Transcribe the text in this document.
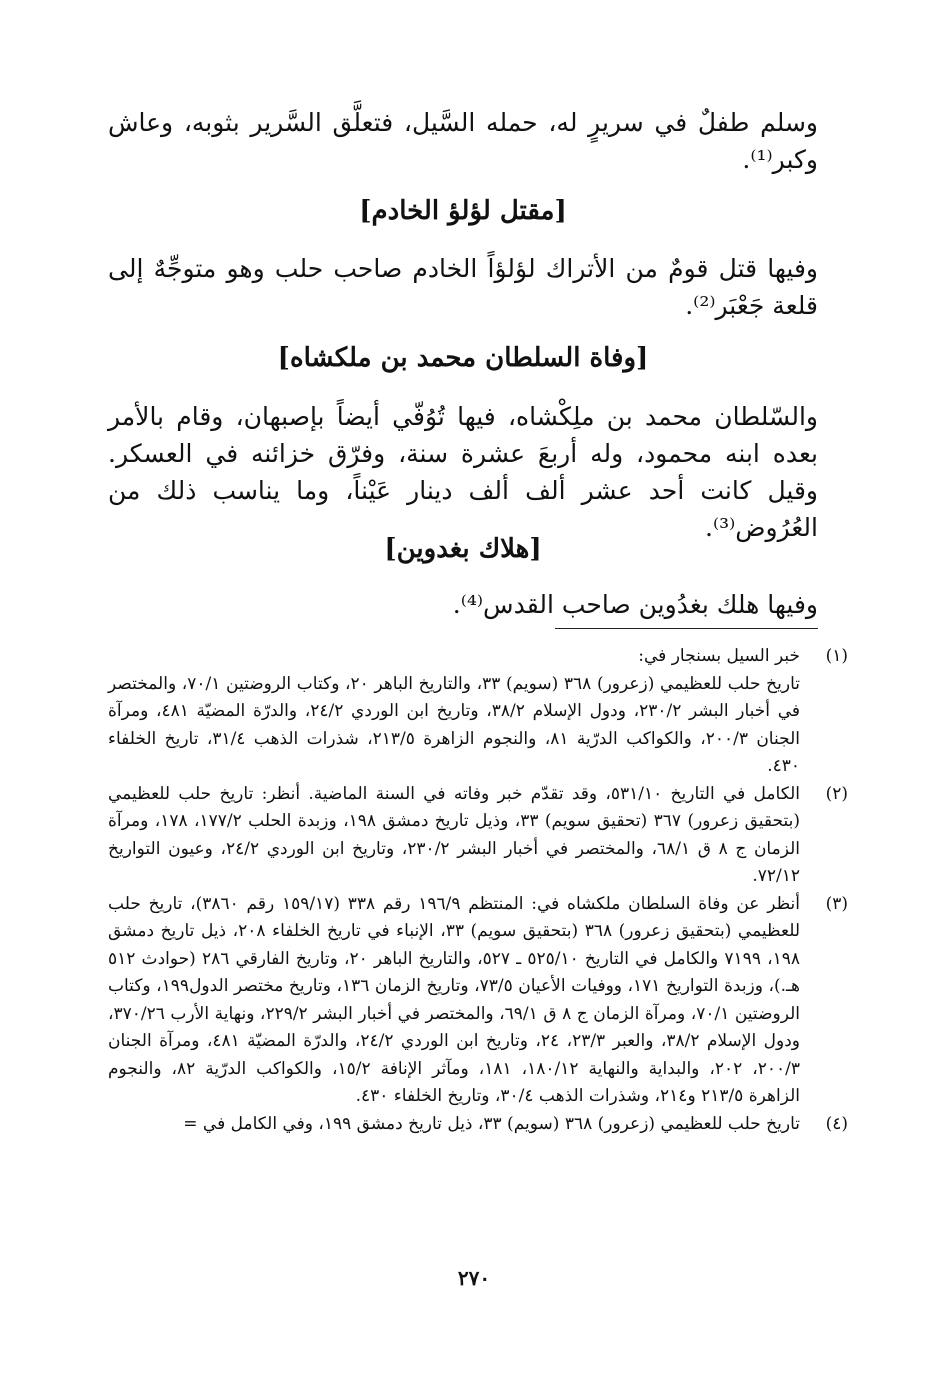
وسلم طفلٌ في سريرٍ له، حمله السَّيل، فتعلَّق السَّرير بثوبه، وعاش وكبر⁽¹⁾.

[مقتل لؤلؤ الخادم]

وفيها قتل قومٌ من الأتراك لؤلؤاً الخادم صاحب حلب وهو متوجِّهٌ إلى قلعة جَعْبَر⁽²⁾.

[وفاة السلطان محمد بن ملكشاه]

والسّلطان محمد بن ملِكْشاه، فيها تُوُفّي أيضاً بإصبهان، وقام بالأمر بعده ابنه محمود، وله أربعَ عشرة سنة، وفرّق خزائنه في العسكر. وقيل كانت أحد عشر ألف ألف دينار عَيْناً، وما يناسب ذلك من العُرُوض⁽³⁾.

[هلاك بغدوين]

وفيها هلك بغدُوين صاحب القدس⁽⁴⁾.

(١)
خبر السيل بسنجار في:
تاريخ حلب للعظيمي (زعرور) ٣٦٨ (سويم) ٣٣، والتاريخ الباهر ٢٠، وكتاب الروضتين ٧٠/١، والمختصر في أخبار البشر ٢٣٠/٢، ودول الإسلام ٣٨/٢، وتاريخ ابن الوردي ٢٤/٢، والدرّة المضيّة ٤٨١، ومرآة الجنان ٢٠٠/٣، والكواكب الدرّية ٨١، والنجوم الزاهرة ٢١٣/٥، شذرات الذهب ٣١/٤، تاريخ الخلفاء ٤٣٠.
(٢)
الكامل في التاريخ ٥٣١/١٠، وقد تقدّم خبر وفاته في السنة الماضية. أنظر: تاريخ حلب للعظيمي (بتحقيق زعرور) ٣٦٧ (تحقيق سويم) ٣٣، وذيل تاريخ دمشق ١٩٨، وزبدة الحلب ١٧٧/٢، ١٧٨، ومرآة الزمان ج ٨ ق ٦٨/١، والمختصر في أخبار البشر ٢٣٠/٢، وتاريخ ابن الوردي ٢٤/٢، وعيون التواريخ ٧٢/١٢.
(٣)
أنظر عن وفاة السلطان ملكشاه في: المنتظم ١٩٦/٩ رقم ٣٣٨ (١٥٩/١٧ رقم ٣٨٦٠)، تاريخ حلب للعظيمي (بتحقيق زعرور) ٣٦٨ (بتحقيق سويم) ٣٣، الإنباء في تاريخ الخلفاء ٢٠٨، ذيل تاريخ دمشق ١٩٨، ٧١٩٩ والكامل في التاريخ ٥٢٥/١٠ ـ ٥٢٧، والتاريخ الباهر ٢٠، وتاريخ الفارقي ٢٨٦ (حوادث ٥١٢ هـ.)، وزبدة التواريخ ١٧١، ووفيات الأعيان ٧٣/٥، وتاريخ الزمان ١٣٦، وتاريخ مختصر الدول١٩٩، وكتاب الروضتين ٧٠/١، ومرآة الزمان ج ٨ ق ٦٩/١، والمختصر في أخبار البشر ٢٢٩/٢، ونهاية الأرب ٣٧٠/٢٦، ودول الإسلام ٣٨/٢، والعبر ٢٣/٣، ٢٤، وتاريخ ابن الوردي ٢٤/٢، والدرّة المضيّة ٤٨١، ومرآة الجنان ٢٠٠/٣، ٢٠٢، والبداية والنهاية ١٨٠/١٢، ١٨١، ومآثر الإنافة ١٥/٢، والكواكب الدرّية ٨٢، والنجوم الزاهرة ٢١٣/٥ و٢١٤، وشذرات الذهب ٣٠/٤، وتاريخ الخلفاء ٤٣٠.
(٤)
تاريخ حلب للعظيمي (زعرور) ٣٦٨ (سويم) ٣٣، ذيل تاريخ دمشق ١٩٩، وفي الكامل في =
٢٧٠
